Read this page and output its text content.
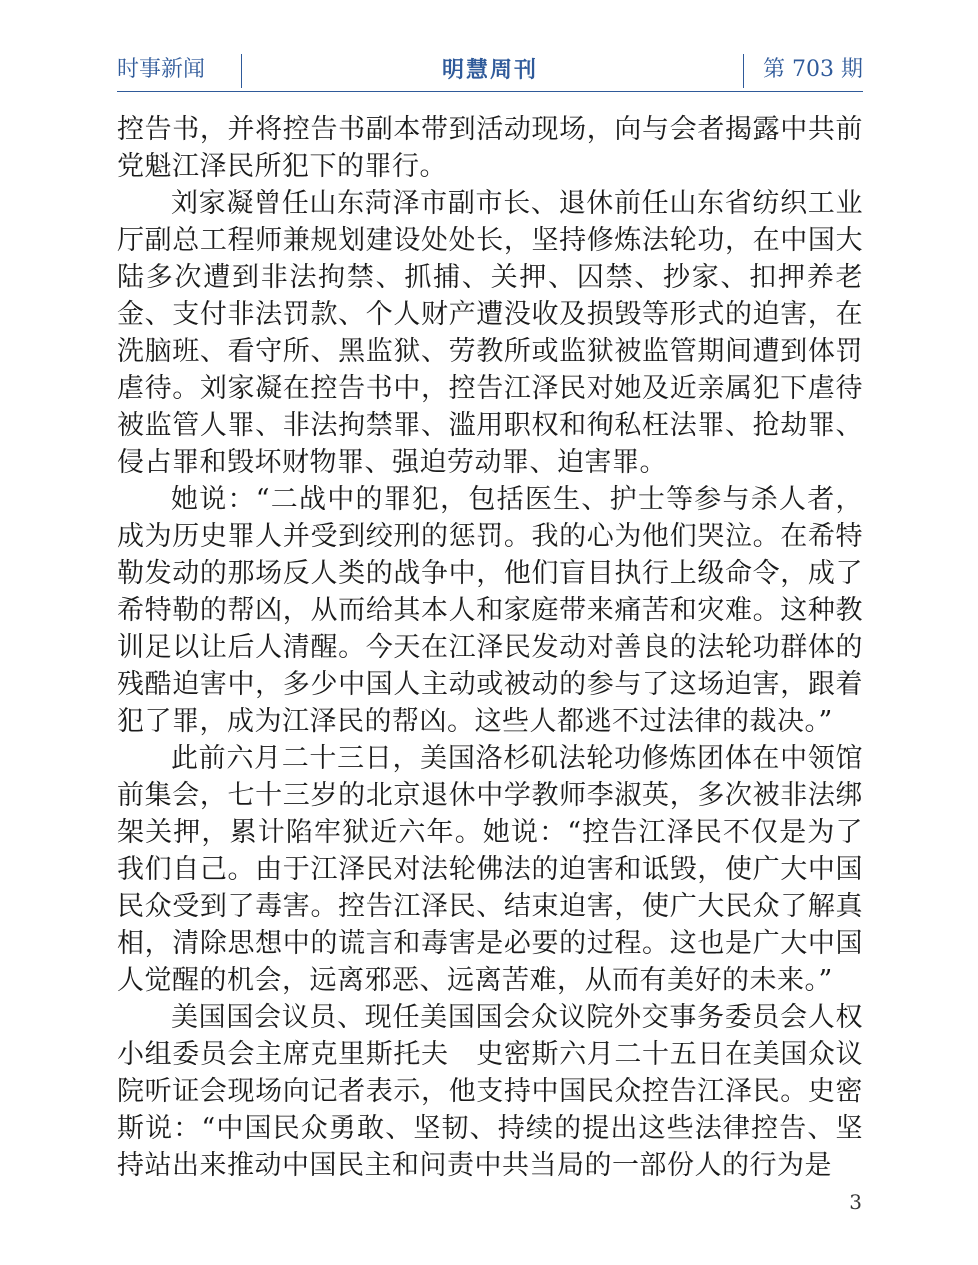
时事新闻	明慧周刊	第 703 期

控告书，并将控告书副本带到活动现场，向与会者揭露中共前党魁江泽民所犯下的罪行。

刘家凝曾任山东菏泽市副市长、退休前任山东省纺织工业厅副总工程师兼规划建设处处长，坚持修炼法轮功，在中国大陆多次遭到非法拘禁、抓捕、关押、囚禁、抄家、扣押养老金、支付非法罚款、个人财产遭没收及损毁等形式的迫害，在洗脑班、看守所、黑监狱、劳教所或监狱被监管期间遭到体罚虐待。刘家凝在控告书中，控告江泽民对她及近亲属犯下虐待被监管人罪、非法拘禁罪、滥用职权和徇私枉法罪、抢劫罪、侵占罪和毁坏财物罪、强迫劳动罪、迫害罪。

她说：“二战中的罪犯，包括医生、护士等参与杀人者，成为历史罪人并受到绞刑的惩罚。我的心为他们哭泣。在希特勒发动的那场反人类的战争中，他们盲目执行上级命令，成了希特勒的帮凶，从而给其本人和家庭带来痛苦和灾难。这种教训足以让后人清醒。今天在江泽民发动对善良的法轮功群体的残酷迫害中，多少中国人主动或被动的参与了这场迫害，跟着犯了罪，成为江泽民的帮凶。这些人都逃不过法律的裁决。”

此前六月二十三日，美国洛杉矶法轮功修炼团体在中领馆前集会，七十三岁的北京退休中学教师李淑英，多次被非法绑架关押，累计陷牢狱近六年。她说：“控告江泽民不仅是为了我们自己。由于江泽民对法轮佛法的迫害和诋毁，使广大中国民众受到了毒害。控告江泽民、结束迫害，使广大民众了解真相，清除思想中的谎言和毒害是必要的过程。这也是广大中国人觉醒的机会，远离邪恶、远离苦难，从而有美好的未来。”

美国国会议员、现任美国国会众议院外交事务委员会人权小组委员会主席克里斯托夫　史密斯六月二十五日在美国众议院听证会现场向记者表示，他支持中国民众控告江泽民。史密斯说：“中国民众勇敢、坚韧、持续的提出这些法律控告、坚持站出来推动中国民主和问责中共当局的一部份人的行为是

3
